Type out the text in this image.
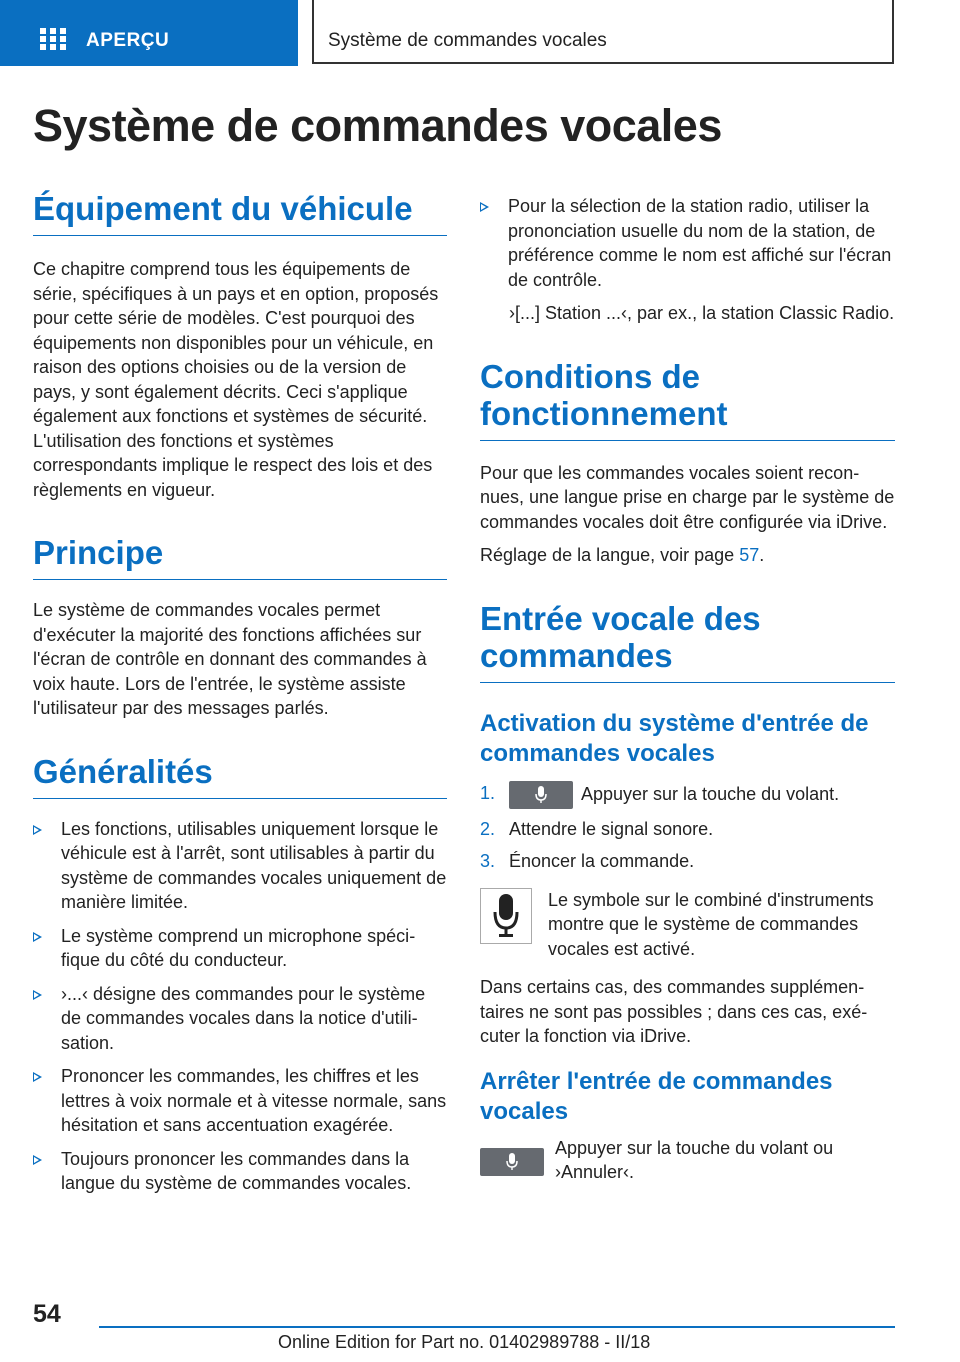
APERÇU	Système de commandes vocales
Système de commandes vocales
Équipement du véhicule

Ce chapitre comprend tous les équipements de série, spécifiques à un pays et en option, proposés pour cette série de modèles. C'est pourquoi des équipements non disponibles pour un véhicule, en raison des options choisies ou de la version de pays, y sont également décrits. Ceci s'applique également aux fonctions et systèmes de sécurité. L'utilisation des fonctions et systèmes correspondants implique le respect des lois et des règlements en vigueur.

Principe

Le système de commandes vocales permet d'exécuter la majorité des fonctions affichées sur l'écran de contrôle en donnant des commandes à voix haute. Lors de l'entrée, le système assiste l'utilisateur par des messages parlés.

Généralités
Les fonctions, utilisables uniquement lorsque le véhicule est à l'arrêt, sont utilisables à partir du système de commandes vocales uniquement de manière limitée.
Le système comprend un microphone spécifique du côté du conducteur.
›...‹ désigne des commandes pour le système de commandes vocales dans la notice d'utilisation.
Prononcer les commandes, les chiffres et les lettres à voix normale et à vitesse normale, sans hésitation et sans accentuation exagérée.
Toujours prononcer les commandes dans la langue du système de commandes vocales.
Pour la sélection de la station radio, utiliser la prononciation usuelle du nom de la station, de préférence comme le nom est affiché sur l'écran de contrôle.

›[...] Station ...‹, par ex., la station Classic Radio.

Conditions de fonctionnement

Pour que les commandes vocales soient reconnues, une langue prise en charge par le système de commandes vocales doit être configurée via iDrive.

Réglage de la langue, voir page 57.

Entrée vocale des commandes
Activation du système d'entrée de commandes vocales
1.	Appuyer sur la touche du volant.
2. Attendre le signal sonore.
3. Énoncer la commande.

Le symbole sur le combiné d'instruments montre que le système de commandes vocales est activé.

Dans certains cas, des commandes supplémentaires ne sont pas possibles ; dans ces cas, exécuter la fonction via iDrive.

Arrêter l'entrée de commandes vocales

Appuyer sur la touche du volant ou ›Annuler‹.

54
Online Edition for Part no. 01402989788 - II/18
